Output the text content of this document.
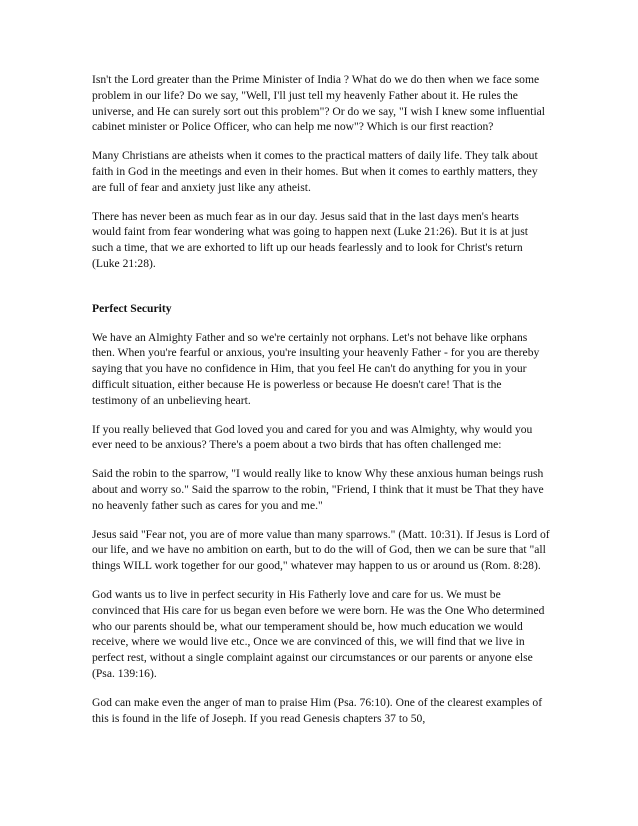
Isn't the Lord greater than the Prime Minister of India ? What do we do then when we face some problem in our life? Do we say, "Well, I'll just tell my heavenly Father about it. He rules the universe, and He can surely sort out this problem"? Or do we say, "I wish I knew some influential cabinet minister or Police Officer, who can help me now"? Which is our first reaction?

Many Christians are atheists when it comes to the practical matters of daily life. They talk about faith in God in the meetings and even in their homes. But when it comes to earthly matters, they are full of fear and anxiety just like any atheist.

There has never been as much fear as in our day. Jesus said that in the last days men's hearts would faint from fear wondering what was going to happen next (Luke 21:26). But it is at just such a time, that we are exhorted to lift up our heads fearlessly and to look for Christ's return (Luke 21:28).

Perfect Security

We have an Almighty Father and so we're certainly not orphans. Let's not behave like orphans then. When you're fearful or anxious, you're insulting your heavenly Father - for you are thereby saying that you have no confidence in Him, that you feel He can't do anything for you in your difficult situation, either because He is powerless or because He doesn't care! That is the testimony of an unbelieving heart.

If you really believed that God loved you and cared for you and was Almighty, why would you ever need to be anxious? There's a poem about a two birds that has often challenged me:

Said the robin to the sparrow, "I would really like to know Why these anxious human beings rush about and worry so." Said the sparrow to the robin, "Friend, I think that it must be That they have no heavenly father such as cares for you and me."

Jesus said "Fear not, you are of more value than many sparrows." (Matt. 10:31). If Jesus is Lord of our life, and we have no ambition on earth, but to do the will of God, then we can be sure that "all things WILL work together for our good," whatever may happen to us or around us (Rom. 8:28).

God wants us to live in perfect security in His Fatherly love and care for us. We must be convinced that His care for us began even before we were born. He was the One Who determined who our parents should be, what our temperament should be, how much education we would receive, where we would live etc., Once we are convinced of this, we will find that we live in perfect rest, without a single complaint against our circumstances or our parents or anyone else (Psa. 139:16).

God can make even the anger of man to praise Him (Psa. 76:10). One of the clearest examples of this is found in the life of Joseph. If you read Genesis chapters 37 to 50,
